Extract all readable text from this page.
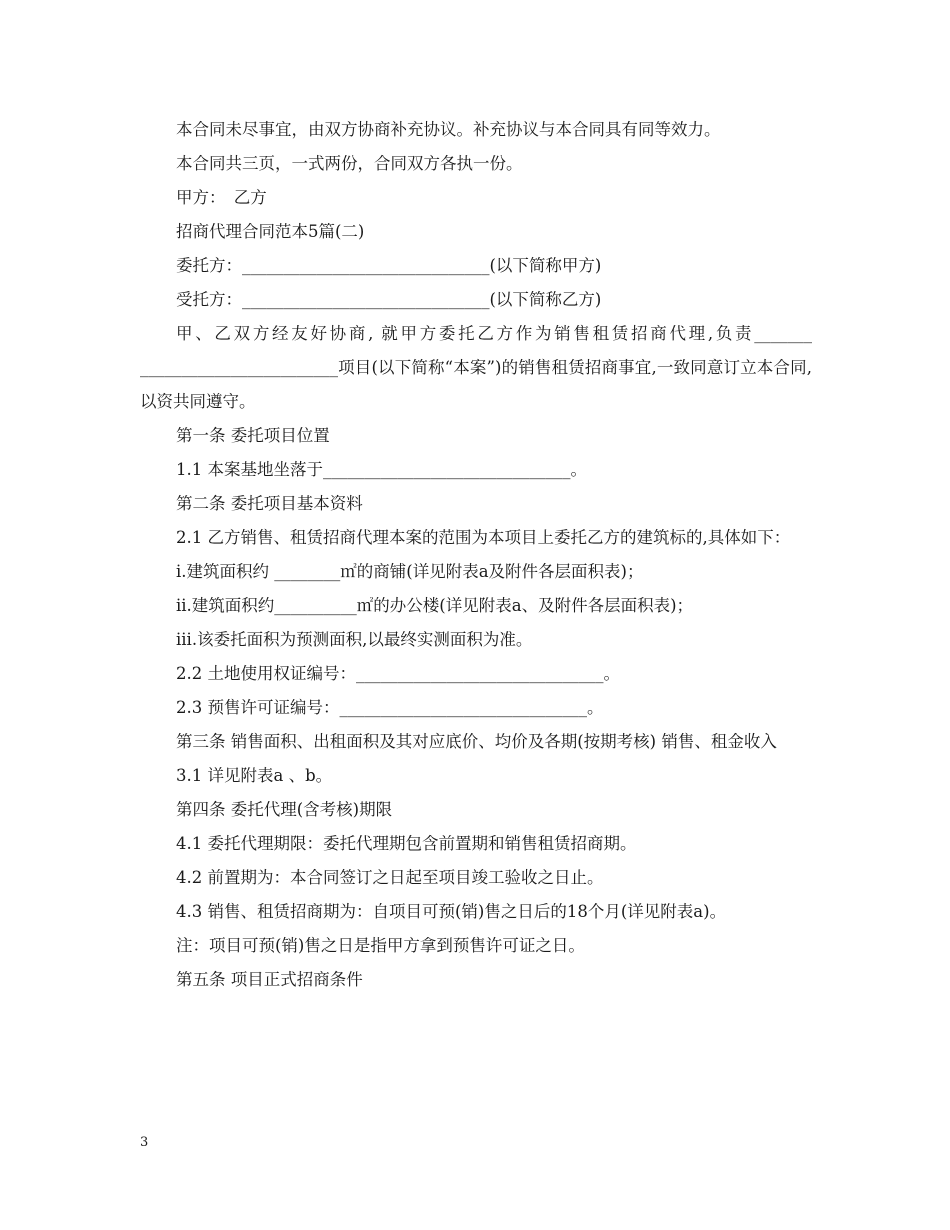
本合同未尽事宜，由双方协商补充协议。补充协议与本合同具有同等效力。

本合同共三页，一式两份，合同双方各执一份。

甲方：　乙方

招商代理合同范本5篇(二)

委托方：______________________________(以下简称甲方)

受托方：______________________________(以下简称乙方)

甲、乙双方经友好协商, 就甲方委托乙方作为销售租赁招商代理,负责_______ ________________________项目(以下简称“本案”)的销售租赁招商事宜,一致同意订立本合同,以资共同遵守。

第一条 委托项目位置

1.1 本案基地坐落于______________________________。

第二条 委托项目基本资料

2.1 乙方销售、租赁招商代理本案的范围为本项目上委托乙方的建筑标的,具体如下：

i.建筑面积约 ________㎡的商铺(详见附表a及附件各层面积表)；

ii.建筑面积约__________㎡的办公楼(详见附表a、及附件各层面积表)；

iii.该委托面积为预测面积,以最终实测面积为准。

2.2 土地使用权证编号：______________________________。

2.3 预售许可证编号：______________________________。

第三条 销售面积、出租面积及其对应底价、均价及各期(按期考核) 销售、租金收入

3.1 详见附表a 、b。

第四条 委托代理(含考核)期限

4.1 委托代理期限：委托代理期包含前置期和销售租赁招商期。

4.2 前置期为：本合同签订之日起至项目竣工验收之日止。

4.3 销售、租赁招商期为：自项目可预(销)售之日后的18个月(详见附表a)。

注：项目可预(销)售之日是指甲方拿到预售许可证之日。

第五条 项目正式招商条件

3
